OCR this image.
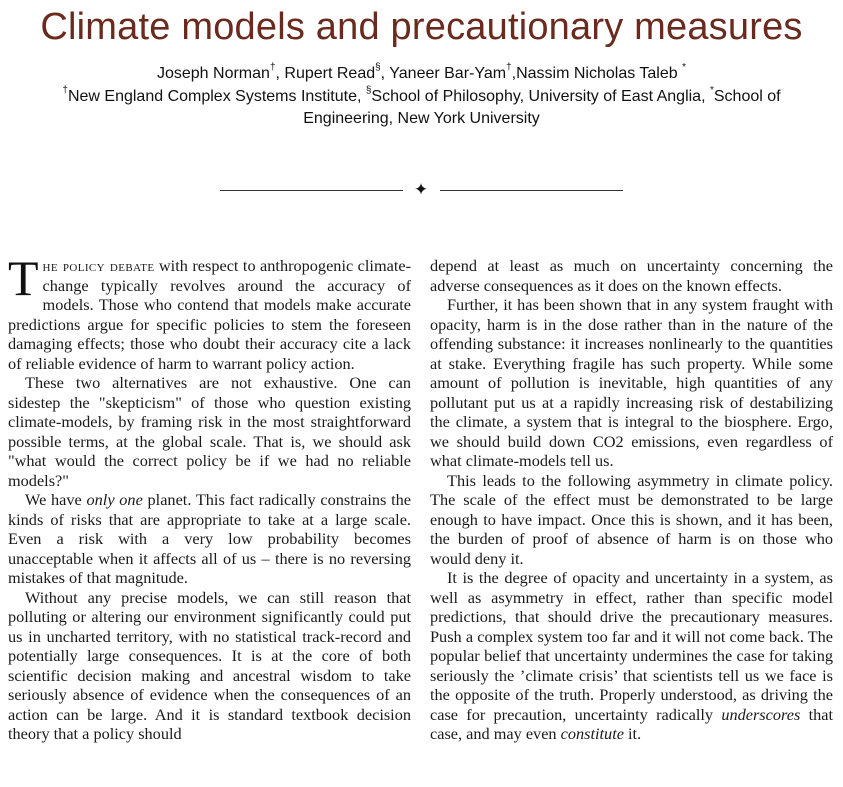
Climate models and precautionary measures
Joseph Norman†, Rupert Read§, Yaneer Bar-Yam†,Nassim Nicholas Taleb *
†New England Complex Systems Institute, §School of Philosophy, University of East Anglia, *School of Engineering, New York University
✦

The policy debate with respect to anthropogenic climate-change typically revolves around the accuracy of models. Those who contend that models make accurate predictions argue for specific policies to stem the foreseen damaging effects; those who doubt their accuracy cite a lack of reliable evidence of harm to warrant policy action.

These two alternatives are not exhaustive. One can sidestep the "skepticism" of those who question existing climate-models, by framing risk in the most straightforward possible terms, at the global scale. That is, we should ask "what would the correct policy be if we had no reliable models?"

We have only one planet. This fact radically constrains the kinds of risks that are appropriate to take at a large scale. Even a risk with a very low probability becomes unacceptable when it affects all of us – there is no reversing mistakes of that magnitude.

Without any precise models, we can still reason that polluting or altering our environment significantly could put us in uncharted territory, with no statistical track-record and potentially large consequences. It is at the core of both scientific decision making and ancestral wisdom to take seriously absence of evidence when the consequences of an action can be large. And it is standard textbook decision theory that a policy should

depend at least as much on uncertainty concerning the adverse consequences as it does on the known effects.

Further, it has been shown that in any system fraught with opacity, harm is in the dose rather than in the nature of the offending substance: it increases nonlinearly to the quantities at stake. Everything fragile has such property. While some amount of pollution is inevitable, high quantities of any pollutant put us at a rapidly increasing risk of destabilizing the climate, a system that is integral to the biosphere. Ergo, we should build down CO2 emissions, even regardless of what climate-models tell us.

This leads to the following asymmetry in climate policy. The scale of the effect must be demonstrated to be large enough to have impact. Once this is shown, and it has been, the burden of proof of absence of harm is on those who would deny it.

It is the degree of opacity and uncertainty in a system, as well as asymmetry in effect, rather than specific model predictions, that should drive the precautionary measures. Push a complex system too far and it will not come back. The popular belief that uncertainty undermines the case for taking seriously the ’climate crisis’ that scientists tell us we face is the opposite of the truth. Properly understood, as driving the case for precaution, uncertainty radically underscores that case, and may even constitute it.
